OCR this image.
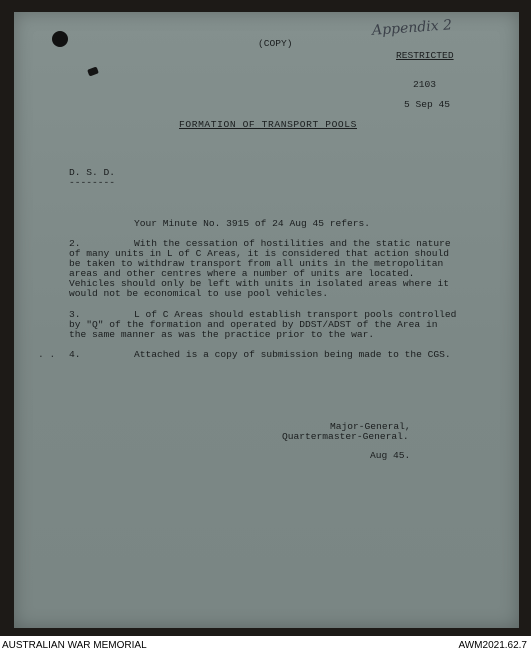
Appendix 2
(COPY)
RESTRICTED
2103
5 Sep 45
FORMATION OF TRANSPORT POOLS
D. S. D.
--------
Your Minute No. 3915 of 24 Aug 45 refers.
2.	With the cessation of hostilities and the static nature
of many units in L of C Areas, it is considered that action should
be taken to withdraw transport from all units in the metropolitan
areas and other centres where a number of units are located.
Vehicles should only be left with units in isolated areas where it
would not be economical to use pool vehicles.
3.	L of C Areas should establish transport pools controlled
by "Q" of the formation and operated by DDST/ADST of the Area in
the same manner as was the practice prior to the war.
. . 4.	Attached is a copy of submission being made to the CGS.
Major-General,
Quartermaster-General.
Aug 45.
AUSTRALIAN WAR MEMORIAL	AWM2021.62.7
